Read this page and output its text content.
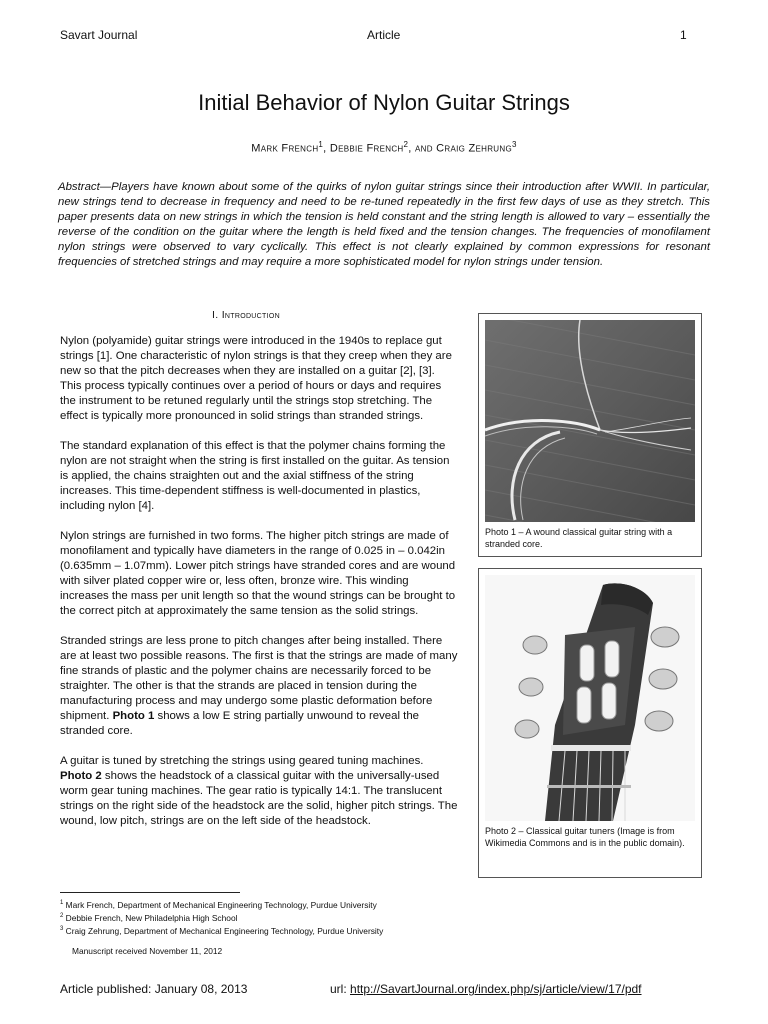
Savart Journal	Article	1
Initial Behavior of Nylon Guitar Strings
Mark French$^1$, Debbie French$^2$, and Craig Zehrung$^3$
Abstract—Players have known about some of the quirks of nylon guitar strings since their introduction after WWII. In particular, new strings tend to decrease in frequency and need to be re-tuned repeatedly in the first few days of use as they stretch. This paper presents data on new strings in which the tension is held constant and the string length is allowed to vary – essentially the reverse of the condition on the guitar where the length is held fixed and the tension changes. The frequencies of monofilament nylon strings were observed to vary cyclically. This effect is not clearly explained by common expressions for resonant frequencies of stretched strings and may require a more sophisticated model for nylon strings under tension.
I. Introduction

Nylon (polyamide) guitar strings were introduced in the 1940s to replace gut strings [1]. One characteristic of nylon strings is that they creep when they are new so that the pitch decreases when they are installed on a guitar [2], [3]. This process typically continues over a period of hours or days and requires the instrument to be retuned regularly until the strings stop stretching. The effect is typically more pronounced in solid strings than stranded strings.

The standard explanation of this effect is that the polymer chains forming the nylon are not straight when the string is first installed on the guitar. As tension is applied, the chains straighten out and the axial stiffness of the string increases. This time-dependent stiffness is well-documented in plastics, including nylon [4].

Nylon strings are furnished in two forms. The higher pitch strings are made of monofilament and typically have diameters in the range of 0.025 in – 0.042in (0.635mm – 1.07mm). Lower pitch strings have stranded cores and are wound with silver plated copper wire or, less often, bronze wire. This winding increases the mass per unit length so that the wound strings can be brought to the correct pitch at approximately the same tension as the solid strings.

Stranded strings are less prone to pitch changes after being installed. There are at least two possible reasons. The first is that the strings are made of many fine strands of plastic and the polymer chains are necessarily forced to be straighter. The other is that the strands are placed in tension during the manufacturing process and may undergo some plastic deformation before shipment. Photo 1 shows a low E string partially unwound to reveal the stranded core.

A guitar is tuned by stretching the strings using geared tuning machines. Photo 2 shows the headstock of a classical guitar with the universally-used worm gear tuning machines. The gear ratio is typically 14:1. The translucent strings on the right side of the headstock are the solid, higher pitch strings. The wound, low pitch, strings are on the left side of the headstock.

Photo 1 – A wound classical guitar string with a stranded core.
Photo 2 – Classical guitar tuners (Image is from Wikimedia Commons and is in the public domain).
$^1$ Mark French, Department of Mechanical Engineering Technology, Purdue University
$^2$ Debbie French, New Philadelphia High School
$^3$ Craig Zehrung, Department of Mechanical Engineering Technology, Purdue University
Manuscript received November 11, 2012
Article published: January 08, 2013	url: http://SavartJournal.org/index.php/sj/article/view/17/pdf
